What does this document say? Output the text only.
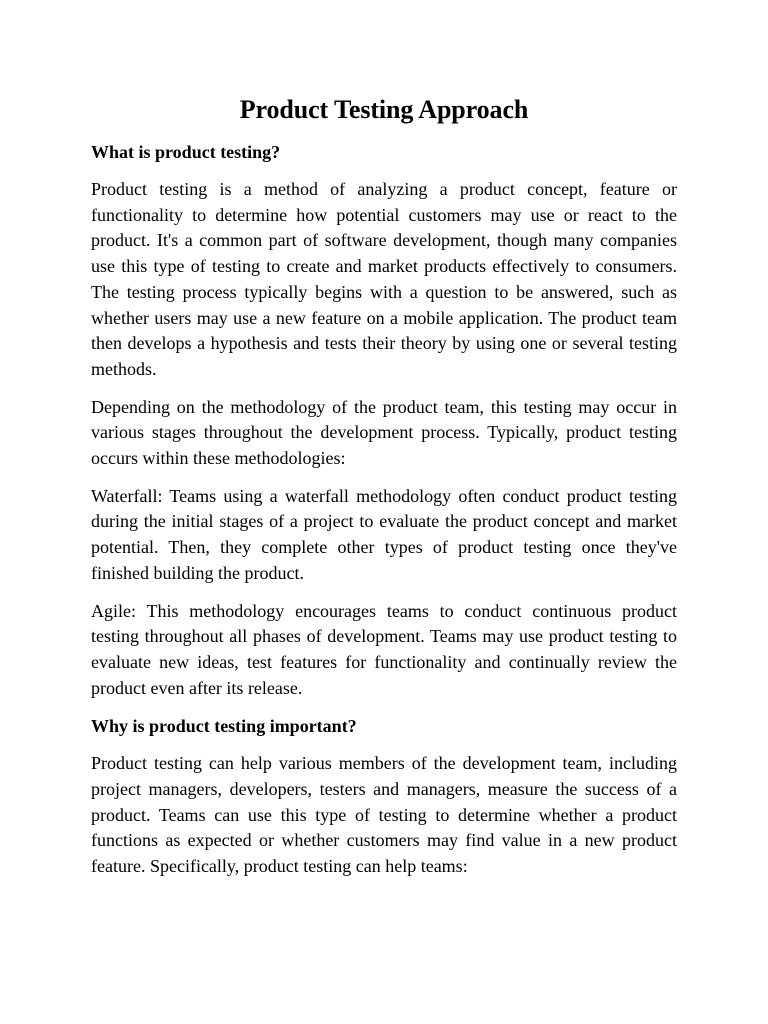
Product Testing Approach
What is product testing?

Product testing is a method of analyzing a product concept, feature or functionality to determine how potential customers may use or react to the product. It's a common part of software development, though many companies use this type of testing to create and market products effectively to consumers. The testing process typically begins with a question to be answered, such as whether users may use a new feature on a mobile application. The product team then develops a hypothesis and tests their theory by using one or several testing methods.

Depending on the methodology of the product team, this testing may occur in various stages throughout the development process. Typically, product testing occurs within these methodologies:

Waterfall: Teams using a waterfall methodology often conduct product testing during the initial stages of a project to evaluate the product concept and market potential. Then, they complete other types of product testing once they've finished building the product.

Agile: This methodology encourages teams to conduct continuous product testing throughout all phases of development. Teams may use product testing to evaluate new ideas, test features for functionality and continually review the product even after its release.

Why is product testing important?

Product testing can help various members of the development team, including project managers, developers, testers and managers, measure the success of a product. Teams can use this type of testing to determine whether a product functions as expected or whether customers may find value in a new product feature. Specifically, product testing can help teams:
